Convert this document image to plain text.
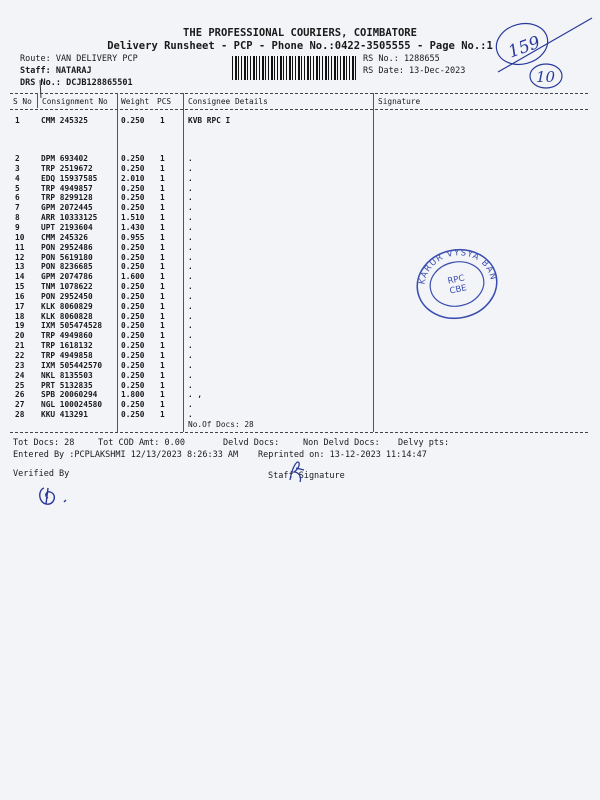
THE PROFESSIONAL COURIERS, COIMBATORE
Delivery Runsheet - PCP - Phone No.:0422-3505555 - Page No.:1
Route: VAN DELIVERY PCP
Staff: NATARAJ
DRS No.: DCJB128865501
RS No.: 1288655
RS Date: 13-Dec-2023
S No Consignment No Weight PCS Consignee Details	Signature
1	CMM 245325	0.250 1	KVB RPC I
2	DPM 693402	0.250 1	.
3	TRP 2519672	0.250 1	.
4	EDQ 15937585	2.010 1	.
5	TRP 4949857	0.250 1	.
6	TRP 8299128	0.250 1	.
7	GPM 2072445	0.250 1	.
8	ARR 10333125	1.510 1	.
9	UPT 2193604	1.430 1	.
10 CMM 245326	0.955 1	.
11 PON 2952486	0.250 1	.
12 PON 5619180	0.250 1	.
13 PON 8236685	0.250 1	.
14 GPM 2074786	1.600 1	.
15 TNM 1078622	0.250 1	.
16 PON 2952450	0.250 1	.
17 KLK 8060829	0.250 1	.
18 KLK 8060828	0.250 1	.
19 IXM 505474528 0.250 1	.
20 TRP 4949860	0.250 1	.
21 TRP 1618132	0.250 1	.
22 TRP 4949858	0.250 1	.
23 IXM 505442570 0.250 1	.
24 NKL 8135503	0.250 1	.
25 PRT 5132835	0.250 1	.
26 SPB 20060294	1.800 1	. ,
27 NGL 100024580 0.250 1	.
28 KKU 413291	0.250 1	.
No.Of Docs: 28
Tot Docs: 28	Tot COD Amt: 0.00	Delvd Docs:	Non Delvd Docs: Delvy pts:
Entered By :PCPLAKSHMI 12/13/2023 8:26:33 AM Reprinted on: 13-12-2023 11:14:47
Verified By	Staff Signature
KARUR VYSYA BANK
RPC
CBE
159
10
